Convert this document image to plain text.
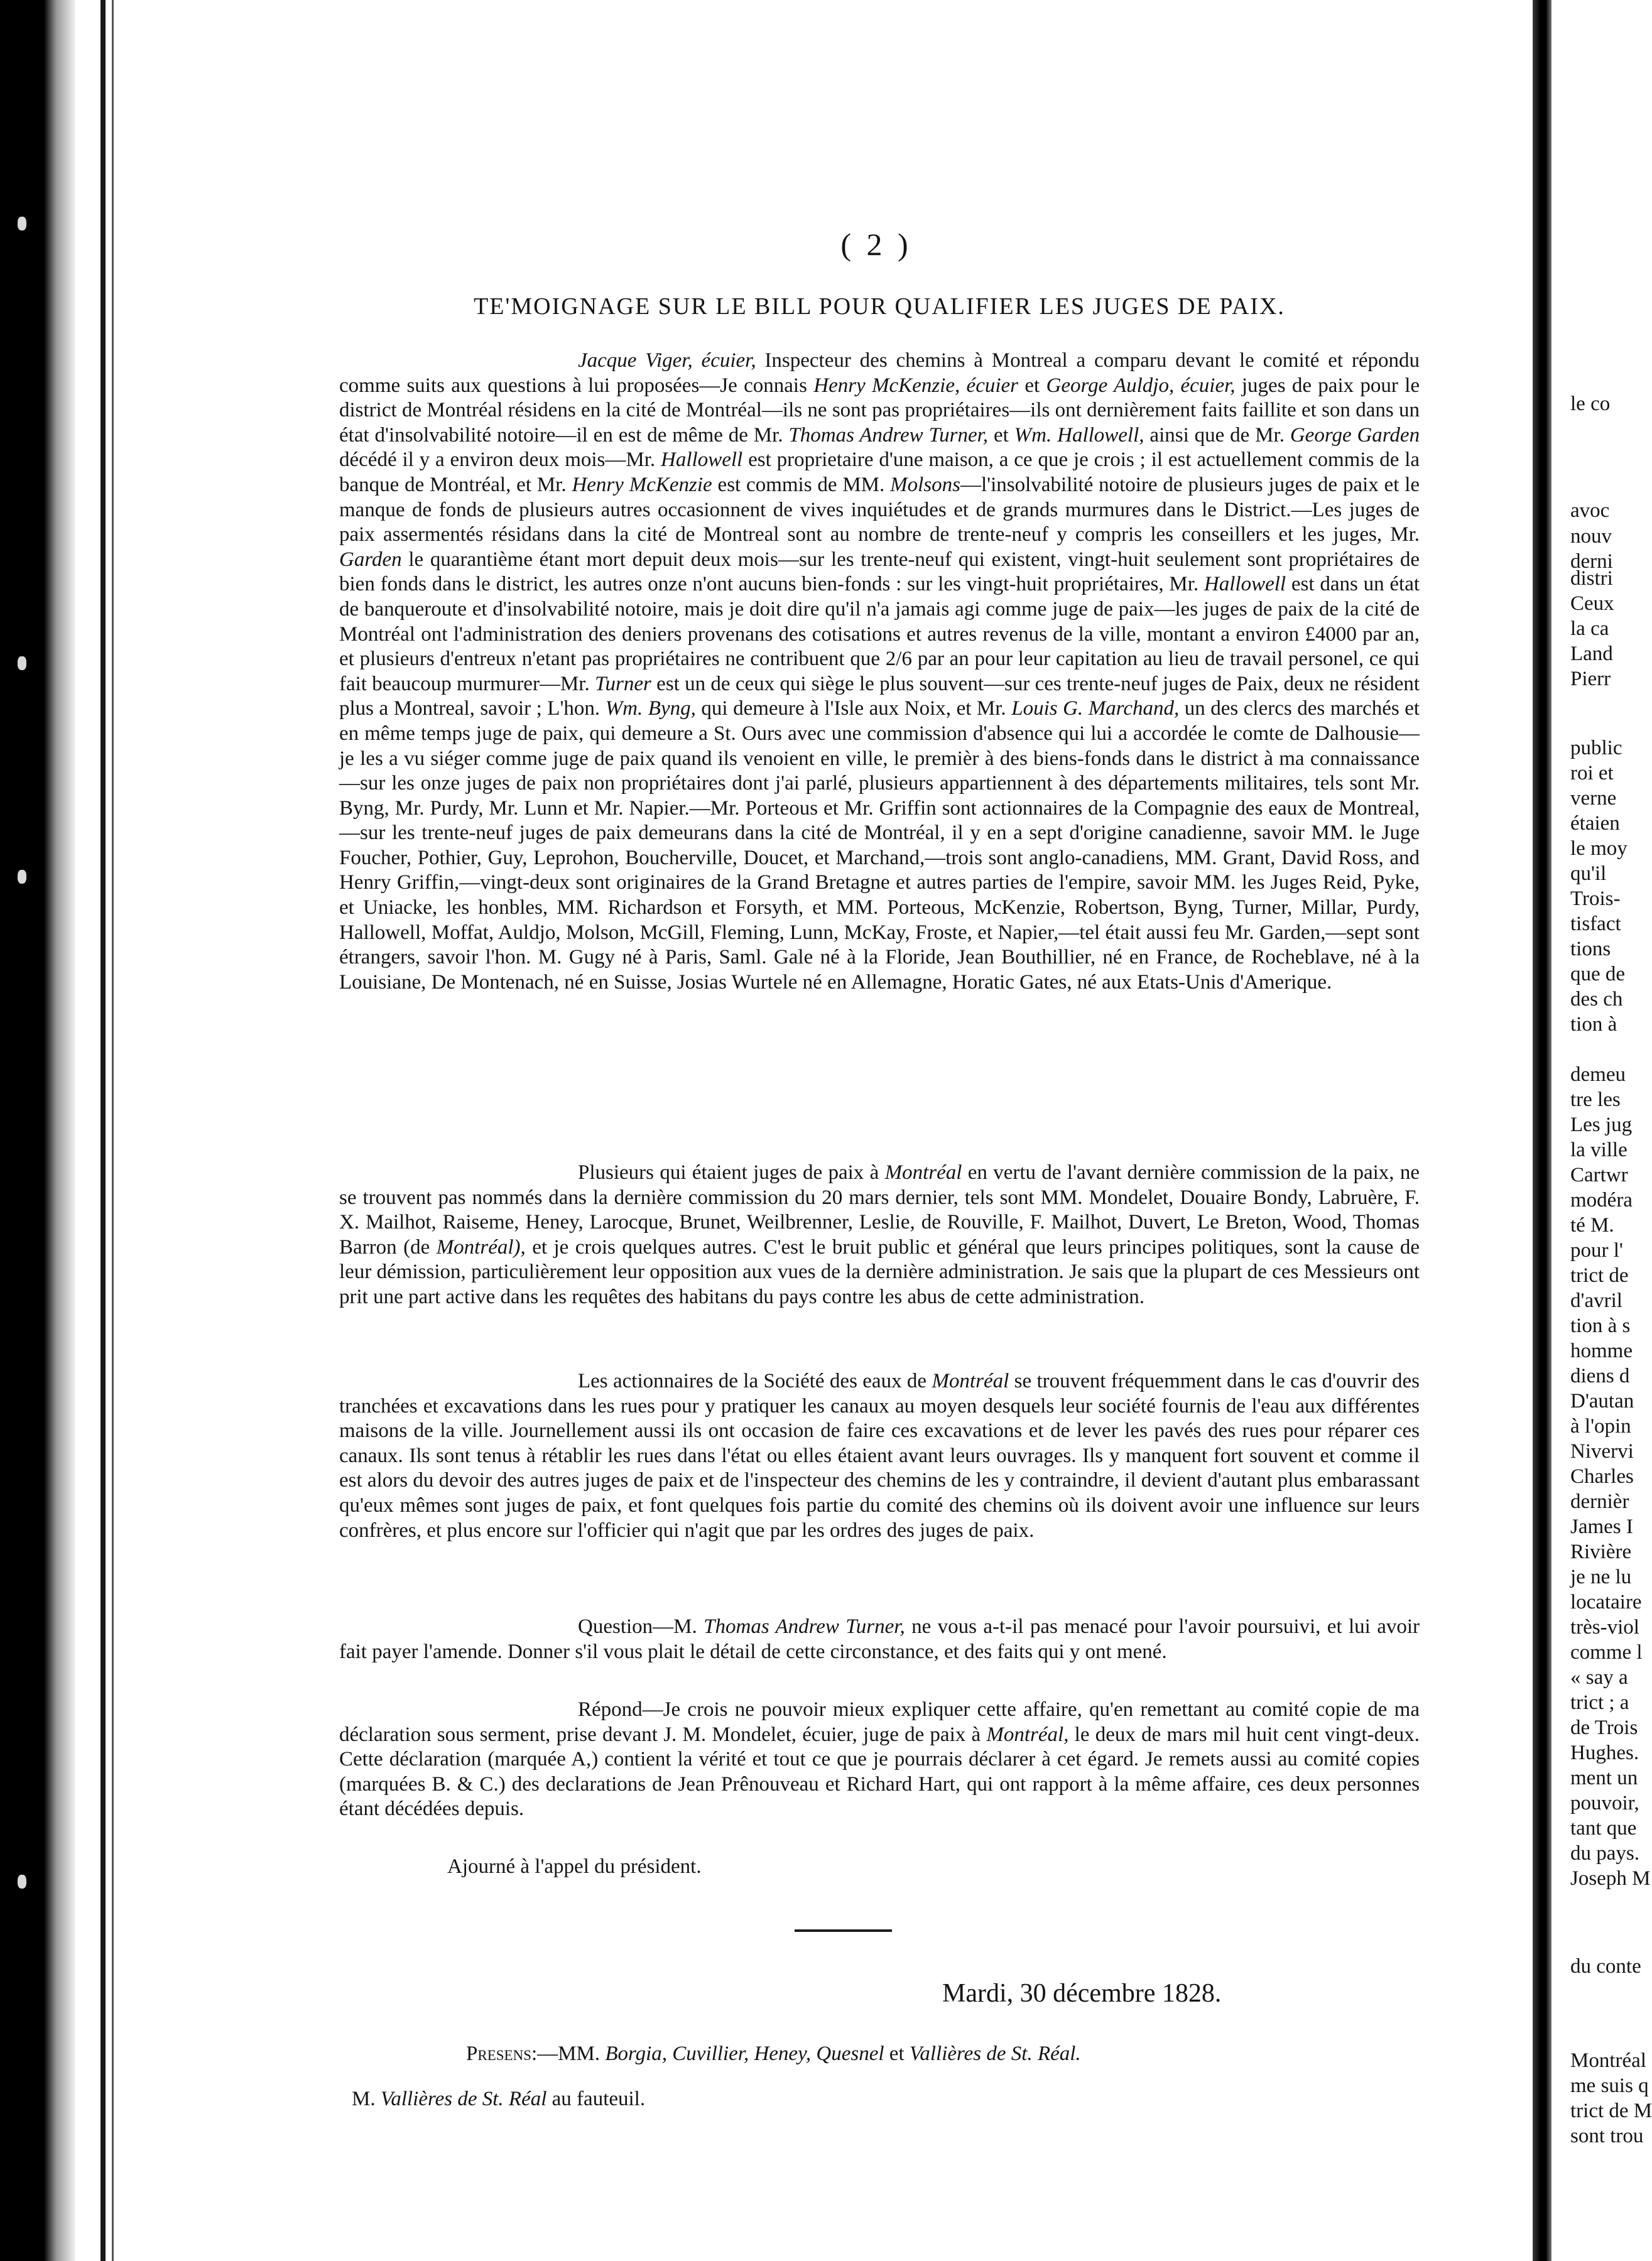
( 2 )
TE'MOIGNAGE SUR LE BILL POUR QUALIFIER LES JUGES DE PAIX.

Jacque Viger, écuier, Inspecteur des chemins à Montreal a comparu devant le comité et répondu comme suits aux questions à lui proposées—Je connais Henry McKenzie, écuier et George Auldjo, écuier, juges de paix pour le district de Montréal résidens en la cité de Montréal—ils ne sont pas propriétaires—ils ont dernièrement faits faillite et son dans un état d'insolvabilité notoire—il en est de même de Mr. Thomas Andrew Turner, et Wm. Hallowell, ainsi que de Mr. George Garden décédé il y a environ deux mois—Mr. Hallowell est proprietaire d'une maison, a ce que je crois ; il est actuellement commis de la banque de Montréal, et Mr. Henry McKenzie est commis de MM. Molsons—l'insolvabilité notoire de plusieurs juges de paix et le manque de fonds de plusieurs autres occasionnent de vives inquiétudes et de grands murmures dans le District.—Les juges de paix assermentés résidans dans la cité de Montreal sont au nombre de trente-neuf y compris les conseillers et les juges, Mr. Garden le quarantième étant mort depuit deux mois—sur les trente-neuf qui existent, vingt-huit seulement sont propriétaires de bien fonds dans le district, les autres onze n'ont aucuns bien-fonds : sur les vingt-huit propriétaires, Mr. Hallowell est dans un état de banqueroute et d'insolvabilité notoire, mais je doit dire qu'il n'a jamais agi comme juge de paix—les juges de paix de la cité de Montréal ont l'administration des deniers provenans des cotisations et autres revenus de la ville, montant a environ £4000 par an, et plusieurs d'entreux n'etant pas propriétaires ne contribuent que 2/6 par an pour leur capitation au lieu de travail personel, ce qui fait beaucoup murmurer—Mr. Turner est un de ceux qui siège le plus souvent—sur ces trente-neuf juges de Paix, deux ne résident plus a Montreal, savoir ; L'hon. Wm. Byng, qui demeure à l'Isle aux Noix, et Mr. Louis G. Marchand, un des clercs des marchés et en même temps juge de paix, qui demeure a St. Ours avec une commission d'absence qui lui a accordée le comte de Dalhousie—je les a vu siéger comme juge de paix quand ils venoient en ville, le premièr à des biens-fonds dans le district à ma connaissance—sur les onze juges de paix non propriétaires dont j'ai parlé, plusieurs appartiennent à des départements militaires, tels sont Mr. Byng, Mr. Purdy, Mr. Lunn et Mr. Napier.—Mr. Porteous et Mr. Griffin sont actionnaires de la Compagnie des eaux de Montreal,—sur les trente-neuf juges de paix demeurans dans la cité de Montréal, il y en a sept d'origine canadienne, savoir MM. le Juge Foucher, Pothier, Guy, Leprohon, Boucherville, Doucet, et Marchand,—trois sont anglo-canadiens, MM. Grant, David Ross, and Henry Griffin,—vingt-deux sont originaires de la Grand Bretagne et autres parties de l'empire, savoir MM. les Juges Reid, Pyke, et Uniacke, les honbles, MM. Richardson et Forsyth, et MM. Porteous, McKenzie, Robertson, Byng, Turner, Millar, Purdy, Hallowell, Moffat, Auldjo, Molson, McGill, Fleming, Lunn, McKay, Froste, et Napier,—tel était aussi feu Mr. Garden,—sept sont étrangers, savoir l'hon. M. Gugy né à Paris, Saml. Gale né à la Floride, Jean Bouthillier, né en France, de Rocheblave, né à la Louisiane, De Montenach, né en Suisse, Josias Wurtele né en Allemagne, Horatic Gates, né aux Etats-Unis d'Amerique.

Plusieurs qui étaient juges de paix à Montréal en vertu de l'avant dernière commission de la paix, ne se trouvent pas nommés dans la dernière commission du 20 mars dernier, tels sont MM. Mondelet, Douaire Bondy, Labruère, F. X. Mailhot, Raiseme, Heney, Larocque, Brunet, Weilbrenner, Leslie, de Rouville, F. Mailhot, Duvert, Le Breton, Wood, Thomas Barron (de Montréal), et je crois quelques autres. C'est le bruit public et général que leurs principes politiques, sont la cause de leur démission, particulièrement leur opposition aux vues de la dernière administration. Je sais que la plupart de ces Messieurs ont prit une part active dans les requêtes des habitans du pays contre les abus de cette administration.

Les actionnaires de la Société des eaux de Montréal se trouvent fréquemment dans le cas d'ouvrir des tranchées et excavations dans les rues pour y pratiquer les canaux au moyen desquels leur société fournis de l'eau aux différentes maisons de la ville. Journellement aussi ils ont occasion de faire ces excavations et de lever les pavés des rues pour réparer ces canaux. Ils sont tenus à rétablir les rues dans l'état ou elles étaient avant leurs ouvrages. Ils y manquent fort souvent et comme il est alors du devoir des autres juges de paix et de l'inspecteur des chemins de les y contraindre, il devient d'autant plus embarassant qu'eux mêmes sont juges de paix, et font quelques fois partie du comité des chemins où ils doivent avoir une influence sur leurs confrères, et plus encore sur l'officier qui n'agit que par les ordres des juges de paix.

Question—M. Thomas Andrew Turner, ne vous a-t-il pas menacé pour l'avoir poursuivi, et lui avoir fait payer l'amende. Donner s'il vous plait le détail de cette circonstance, et des faits qui y ont mené.

Répond—Je crois ne pouvoir mieux expliquer cette affaire, qu'en remettant au comité copie de ma déclaration sous serment, prise devant J. M. Mondelet, écuier, juge de paix à Montréal, le deux de mars mil huit cent vingt-deux. Cette déclaration (marquée A,) contient la vérité et tout ce que je pourrais déclarer à cet égard. Je remets aussi au comité copies (marquées B. & C.) des declarations de Jean Prênouveau et Richard Hart, qui ont rapport à la même affaire, ces deux personnes étant décédées depuis.

Ajourné à l'appel du président.

Mardi, 30 décembre 1828.
Presens:—MM. Borgia, Cuvillier, Heney, Quesnel et Vallières de St. Réal.
M. Vallières de St. Réal au fauteuil.
le co
avoc
nouv
derni
distri
Ceux
la ca
Land
Pierr
public
roi et
verne
étaien
le moy
qu'il
Trois-
tisfact
tions
que de
des ch
tion à
demeu
tre les
Les jug
la ville
Cartwr
modéra
té M.
pour l'
trict de
d'avril
tion à s
homme
diens d
D'autan
à l'opin
Nivervi
Charles
dernièr
James I
Rivière
je ne lu
locataire
très-viol
comme l
« say a
trict ; a
de Trois
Hughes.
ment un
pouvoir,
tant que
du pays.
Joseph M
du conte
Montréal
me suis q
trict de M
sont trou
